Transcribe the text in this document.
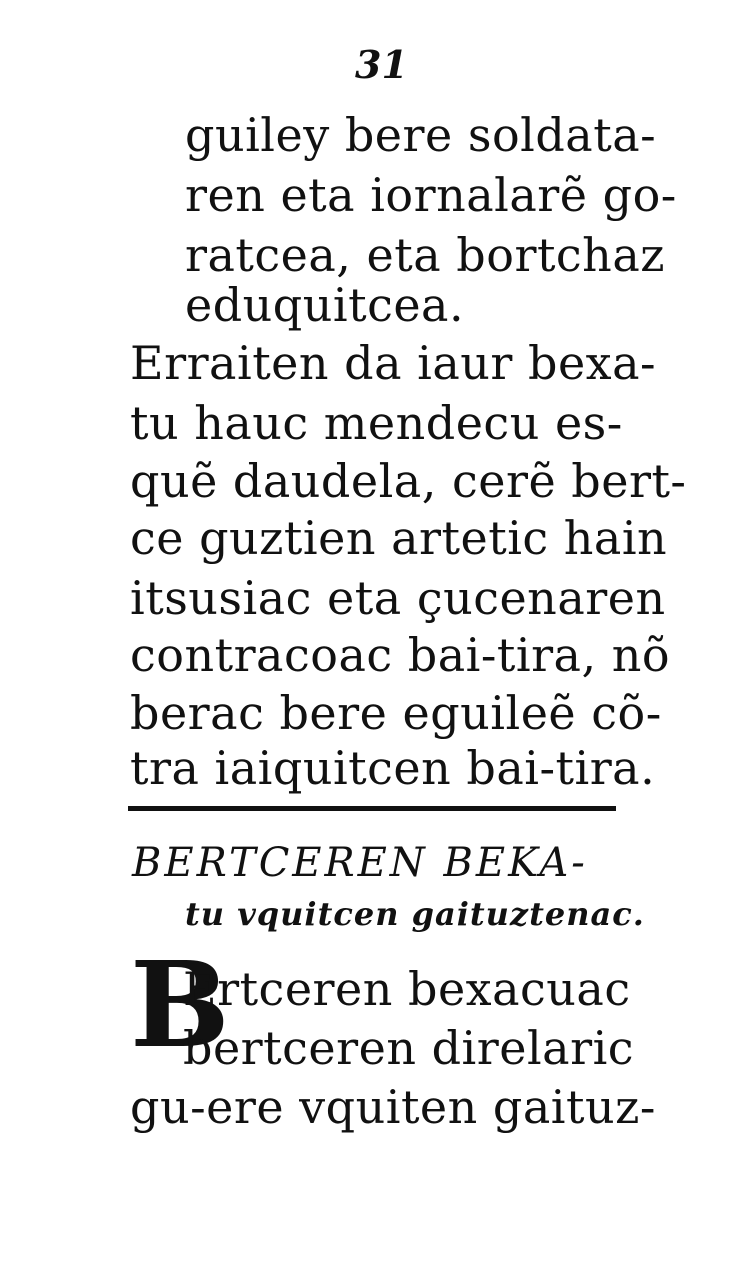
31
guiley bere soldata-
ren eta iornalarẽ go-
ratcea, eta bortchaz
eduquitcea.
Erraiten da iaur bexa-
tu hauc mendecu es-
quẽ daudela, cerẽ bert-
ce guztien artetic hain
itsusiac eta çucenaren
contracoac bai-tira, nõ
berac bere eguileẽ cõ-
tra iaiquitcen bai-tira.
BERTCEREN BEKA-
tu vquitcen gaituztenac.
B
Ertceren bexacuac
bertceren direlaric
gu-ere vquiten gaituz-
